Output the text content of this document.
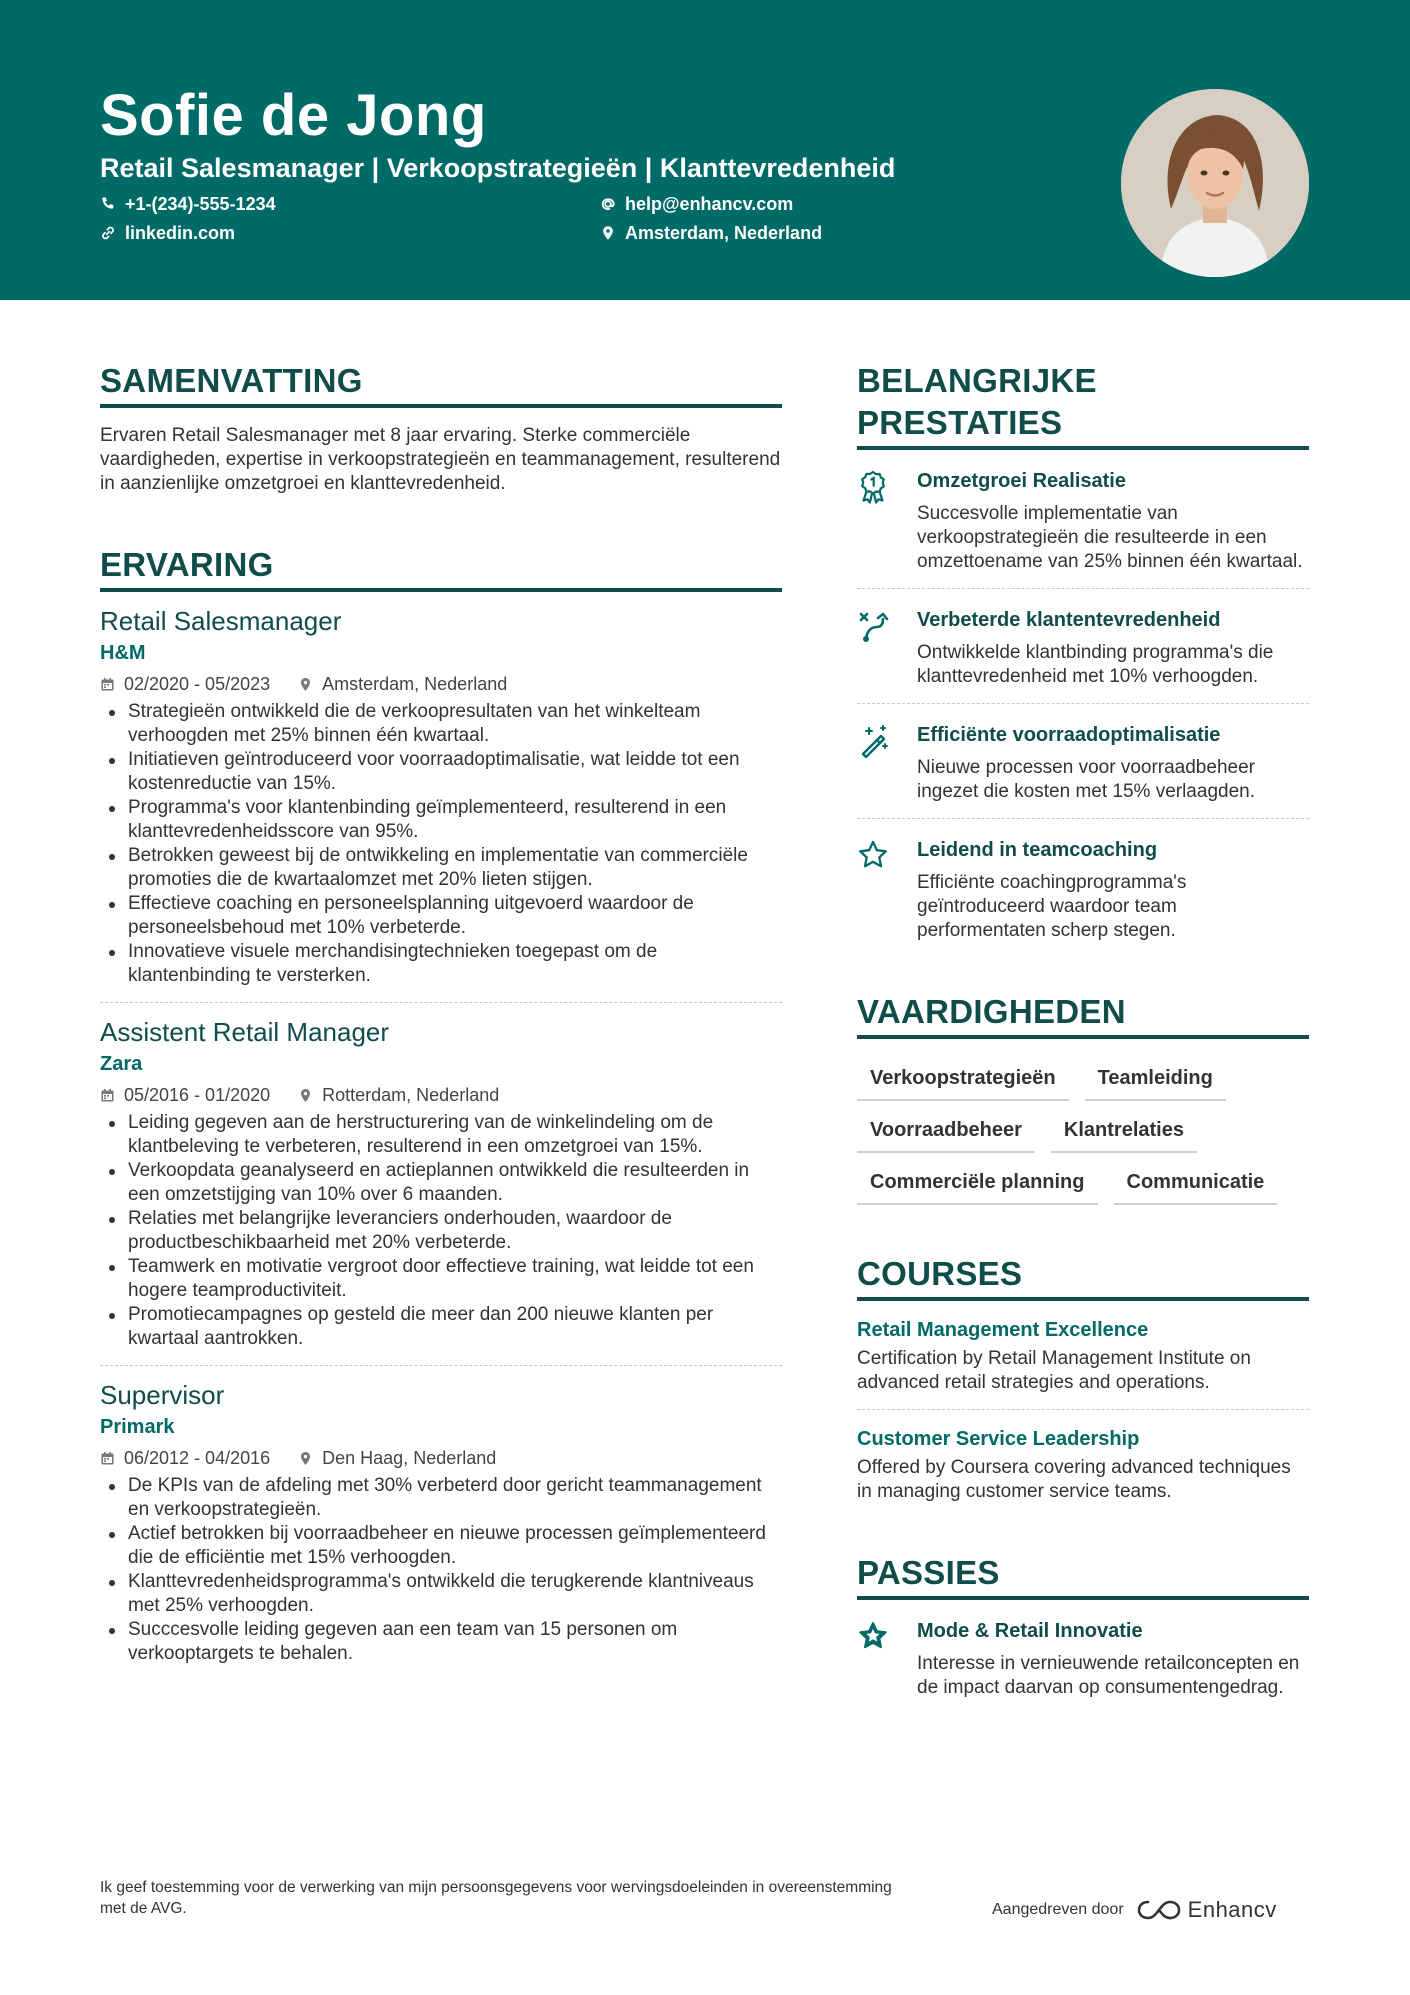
Sofie de Jong
Retail Salesmanager | Verkoopstrategieën | Klanttevredenheid
+1-(234)-555-1234	help@enhancv.com
linkedin.com	Amsterdam, Nederland
SAMENVATTING

Ervaren Retail Salesmanager met 8 jaar ervaring. Sterke commerciële vaardigheden, expertise in verkoopstrategieën en teammanagement, resulterend in aanzienlijke omzetgroei en klanttevredenheid.

ERVARING
Retail Salesmanager
H&M
02/2020 - 05/2023	Amsterdam, Nederland
Strategieën ontwikkeld die de verkoopresultaten van het winkelteam verhoogden met 25% binnen één kwartaal.
Initiatieven geïntroduceerd voor voorraadoptimalisatie, wat leidde tot een kostenreductie van 15%.
Programma's voor klantenbinding geïmplementeerd, resulterend in een klanttevredenheidsscore van 95%.
Betrokken geweest bij de ontwikkeling en implementatie van commerciële promoties die de kwartaalomzet met 20% lieten stijgen.
Effectieve coaching en personeelsplanning uitgevoerd waardoor de personeelsbehoud met 10% verbeterde.
Innovatieve visuele merchandisingtechnieken toegepast om de klantenbinding te versterken.
Assistent Retail Manager
Zara
05/2016 - 01/2020	Rotterdam, Nederland
Leiding gegeven aan de herstructurering van de winkelindeling om de klantbeleving te verbeteren, resulterend in een omzetgroei van 15%.
Verkoopdata geanalyseerd en actieplannen ontwikkeld die resulteerden in een omzetstijging van 10% over 6 maanden.
Relaties met belangrijke leveranciers onderhouden, waardoor de productbeschikbaarheid met 20% verbeterde.
Teamwerk en motivatie vergroot door effectieve training, wat leidde tot een hogere teamproductiviteit.
Promotiecampagnes op gesteld die meer dan 200 nieuwe klanten per kwartaal aantrokken.
Supervisor
Primark
06/2012 - 04/2016	Den Haag, Nederland
De KPIs van de afdeling met 30% verbeterd door gericht teammanagement en verkoopstrategieën.
Actief betrokken bij voorraadbeheer en nieuwe processen geïmplementeerd die de efficiëntie met 15% verhoogden.
Klanttevredenheidsprogramma's ontwikkeld die terugkerende klantniveaus met 25% verhoogden.
Succcesvolle leiding gegeven aan een team van 15 personen om verkooptargets te behalen.
BELANGRIJKE PRESTATIES
Omzetgroei Realisatie
Succesvolle implementatie van verkoopstrategieën die resulteerde in een omzettoename van 25% binnen één kwartaal.
Verbeterde klantentevredenheid
Ontwikkelde klantbinding programma's die klanttevredenheid met 10% verhoogden.
Efficiënte voorraadoptimalisatie
Nieuwe processen voor voorraadbeheer ingezet die kosten met 15% verlaagden.
Leidend in teamcoaching
Efficiënte coachingprogramma's geïntroduceerd waardoor team performentaten scherp stegen.
VAARDIGHEDEN
Verkoopstrategieën	Teamleiding
Voorraadbeheer	Klantrelaties
Commerciële planning	Communicatie
COURSES
Retail Management Excellence
Certification by Retail Management Institute on advanced retail strategies and operations.
Customer Service Leadership
Offered by Coursera covering advanced techniques in managing customer service teams.
PASSIES
Mode & Retail Innovatie
Interesse in vernieuwende retailconcepten en de impact daarvan op consumentengedrag.
Ik geef toestemming voor de verwerking van mijn persoonsgegevens voor wervingsdoeleinden in overeenstemming met de AVG.	Aangedreven door	Enhancv
